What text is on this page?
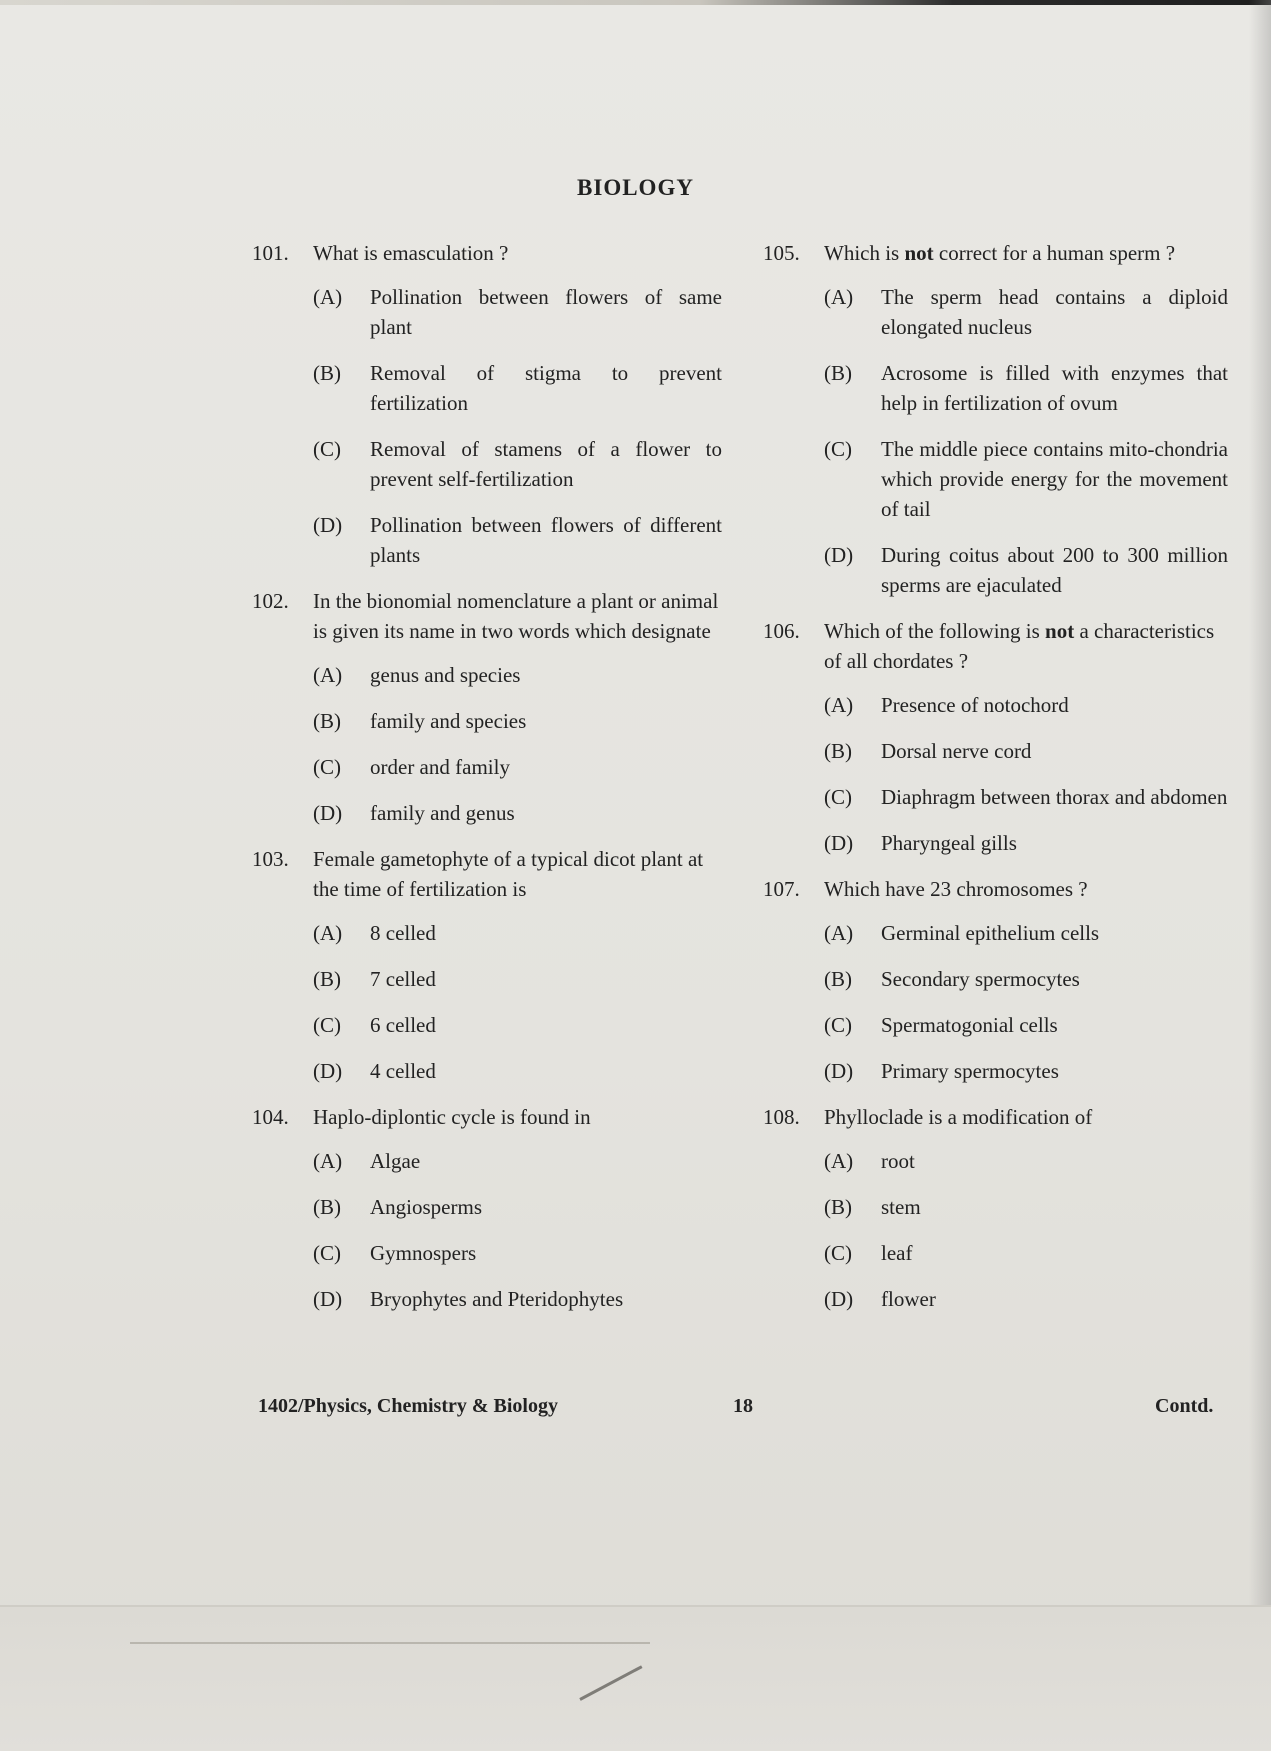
BIOLOGY
101.	What is emasculation ?
(A)	Pollination between flowers of same plant
(B)	Removal of stigma to prevent fertilization
(C)	Removal of stamens of a flower to prevent self-fertilization
(D)	Pollination between flowers of different plants
102.	In the bionomial nomenclature a plant or animal is given its name in two words which designate
(A)	genus and species
(B)	family and species
(C)	order and family
(D)	family and genus
103.	Female gametophyte of a typical dicot plant at the time of fertilization is
(A)	8 celled
(B)	7 celled
(C)	6 celled
(D)	4 celled
104.	Haplo-diplontic cycle is found in
(A)	Algae
(B)	Angiosperms
(C)	Gymnospers
(D)	Bryophytes and Pteridophytes
105.	Which is not correct for a human sperm ?
(A)	The sperm head contains a diploid elongated nucleus
(B)	Acrosome is filled with enzymes that help in fertilization of ovum
(C)	The middle piece contains mito-chondria which provide energy for the movement of tail
(D)	During coitus about 200 to 300 million sperms are ejaculated
106.	Which of the following is not a characteristics of all chordates ?
(A)	Presence of notochord
(B)	Dorsal nerve cord
(C)	Diaphragm between thorax and abdomen
(D)	Pharyngeal gills
107.	Which have 23 chromosomes ?
(A)	Germinal epithelium cells
(B)	Secondary spermocytes
(C)	Spermatogonial cells
(D)	Primary spermocytes
108.	Phylloclade is a modification of
(A)	root
(B)	stem
(C)	leaf
(D)	flower
1402/Physics, Chemistry & Biology	18	Contd.
